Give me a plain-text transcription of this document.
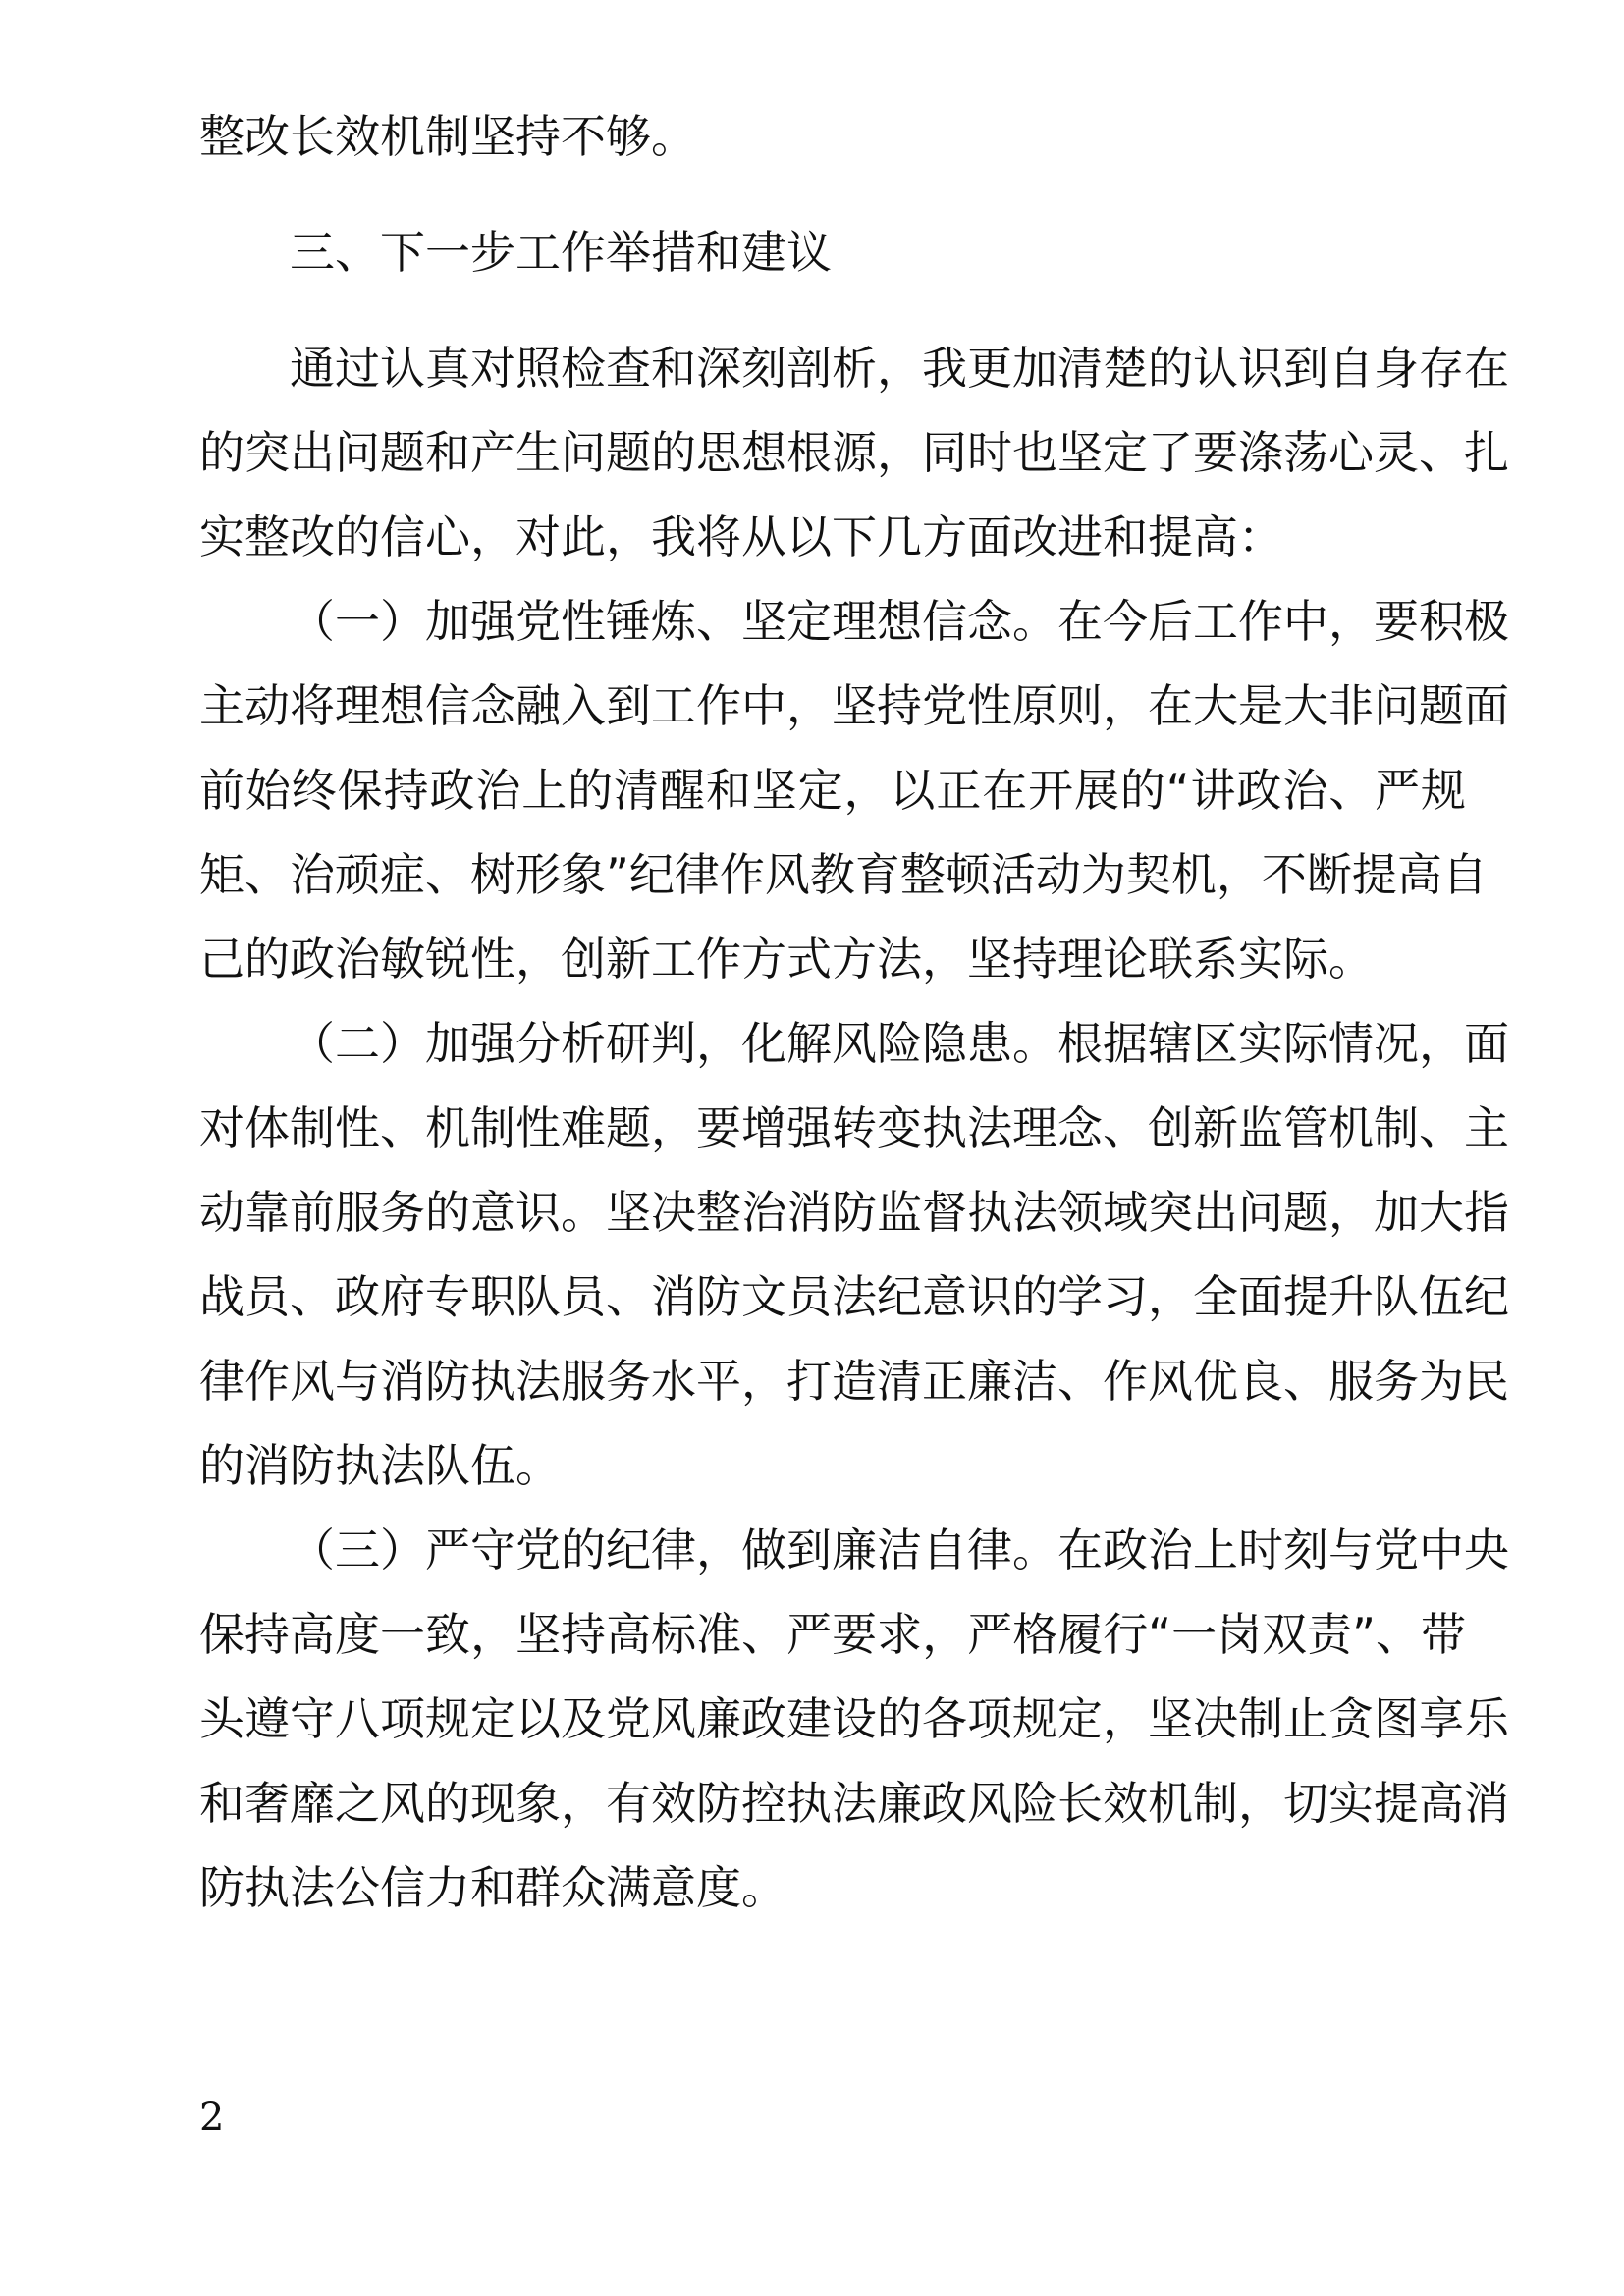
整改长效机制坚持不够。

三、下一步工作举措和建议

通过认真对照检查和深刻剖析，我更加清楚的认识到自身存在

的突出问题和产生问题的思想根源，同时也坚定了要涤荡心灵、扎

实整改的信心，对此，我将从以下几方面改进和提高：

（一）加强党性锤炼、坚定理想信念。在今后工作中，要积极

主动将理想信念融入到工作中，坚持党性原则，在大是大非问题面

前始终保持政治上的清醒和坚定，以正在开展的“讲政治、严规

矩、治顽症、树形象”纪律作风教育整顿活动为契机，不断提高自

己的政治敏锐性，创新工作方式方法，坚持理论联系实际。

（二）加强分析研判，化解风险隐患。根据辖区实际情况，面

对体制性、机制性难题，要增强转变执法理念、创新监管机制、主

动靠前服务的意识。坚决整治消防监督执法领域突出问题，加大指

战员、政府专职队员、消防文员法纪意识的学习，全面提升队伍纪

律作风与消防执法服务水平，打造清正廉洁、作风优良、服务为民

的消防执法队伍。

（三）严守党的纪律，做到廉洁自律。在政治上时刻与党中央

保持高度一致，坚持高标准、严要求，严格履行“一岗双责”、带

头遵守八项规定以及党风廉政建设的各项规定，坚决制止贪图享乐

和奢靡之风的现象，有效防控执法廉政风险长效机制，切实提高消

防执法公信力和群众满意度。

2
